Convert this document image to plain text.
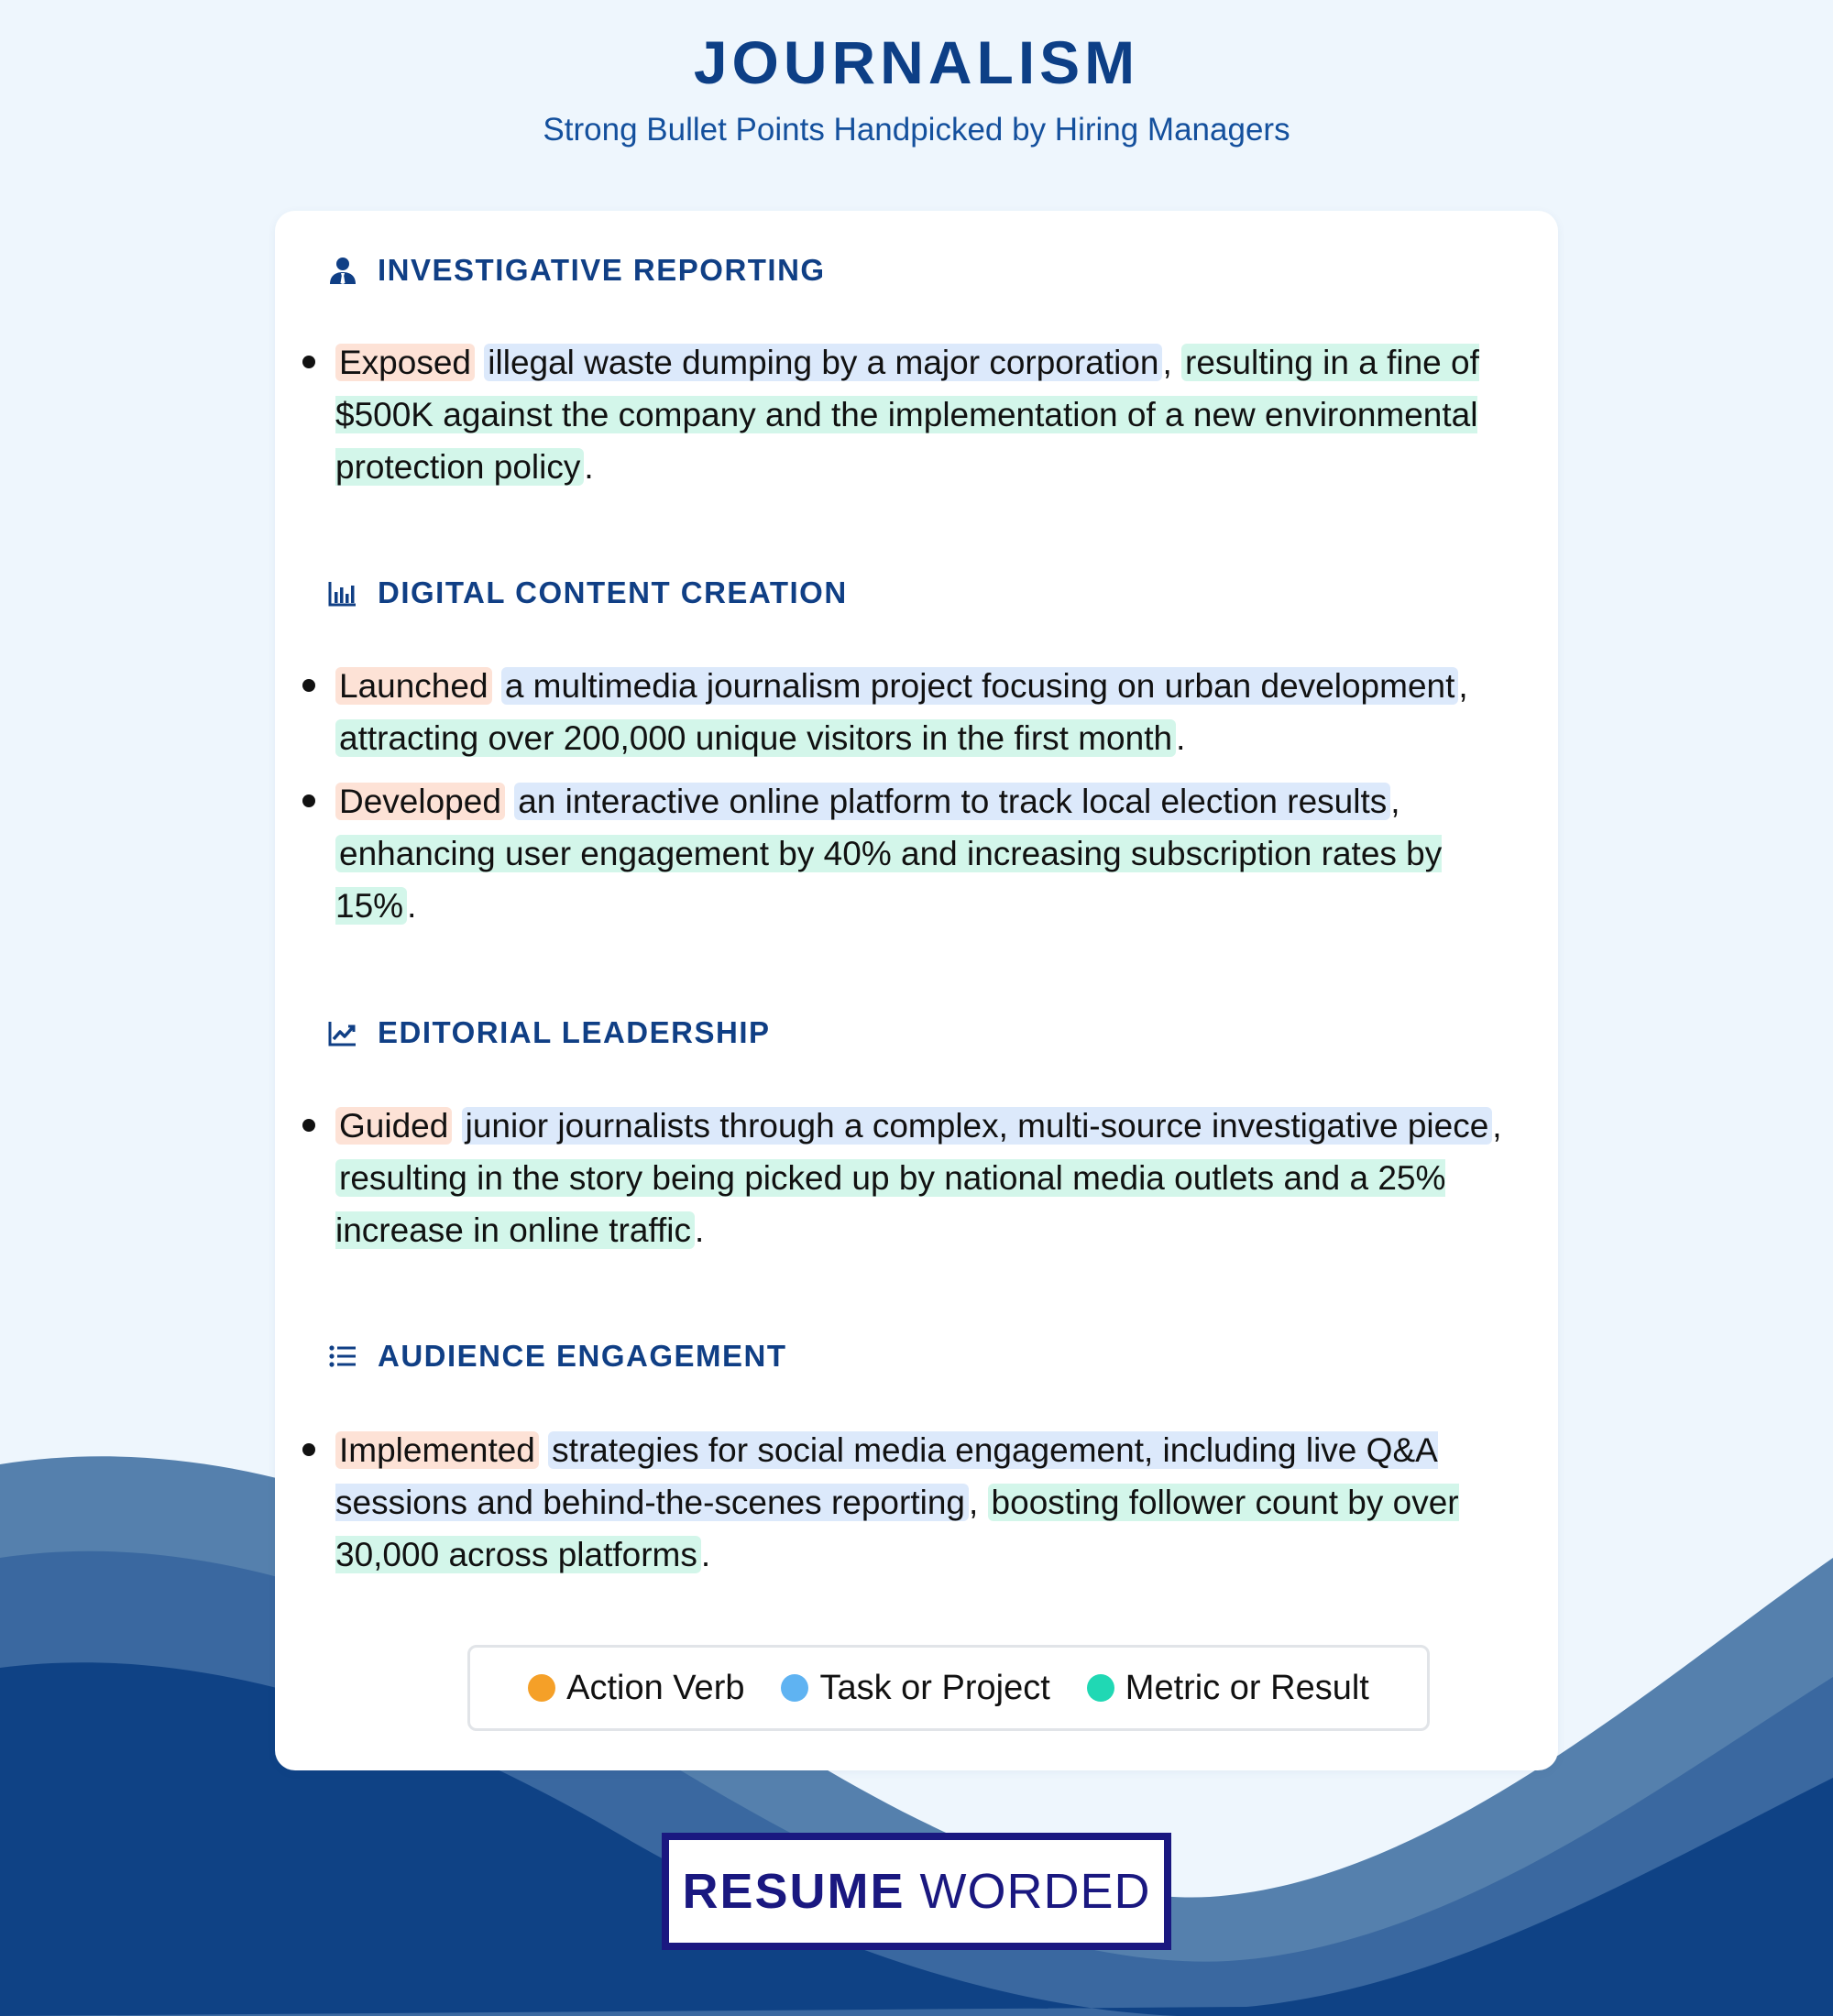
JOURNALISM
Strong Bullet Points Handpicked by Hiring Managers
INVESTIGATIVE REPORTING
Exposed illegal waste dumping by a major corporation , resulting in a fine of $500K against the company and the implementation of a new environmental protection policy .
DIGITAL CONTENT CREATION
Launched a multimedia journalism project focusing on urban development , attracting over 200,000 unique visitors in the first month .
Developed an interactive online platform to track local election results , enhancing user engagement by 40% and increasing subscription rates by 15% .
EDITORIAL LEADERSHIP
Guided junior journalists through a complex, multi-source investigative piece , resulting in the story being picked up by national media outlets and a 25% increase in online traffic .
AUDIENCE ENGAGEMENT
Implemented strategies for social media engagement, including live Q&A sessions and behind-the-scenes reporting , boosting follower count by over 30,000 across platforms .
Action Verb Task or Project Metric or Result
RESUME WORDED
